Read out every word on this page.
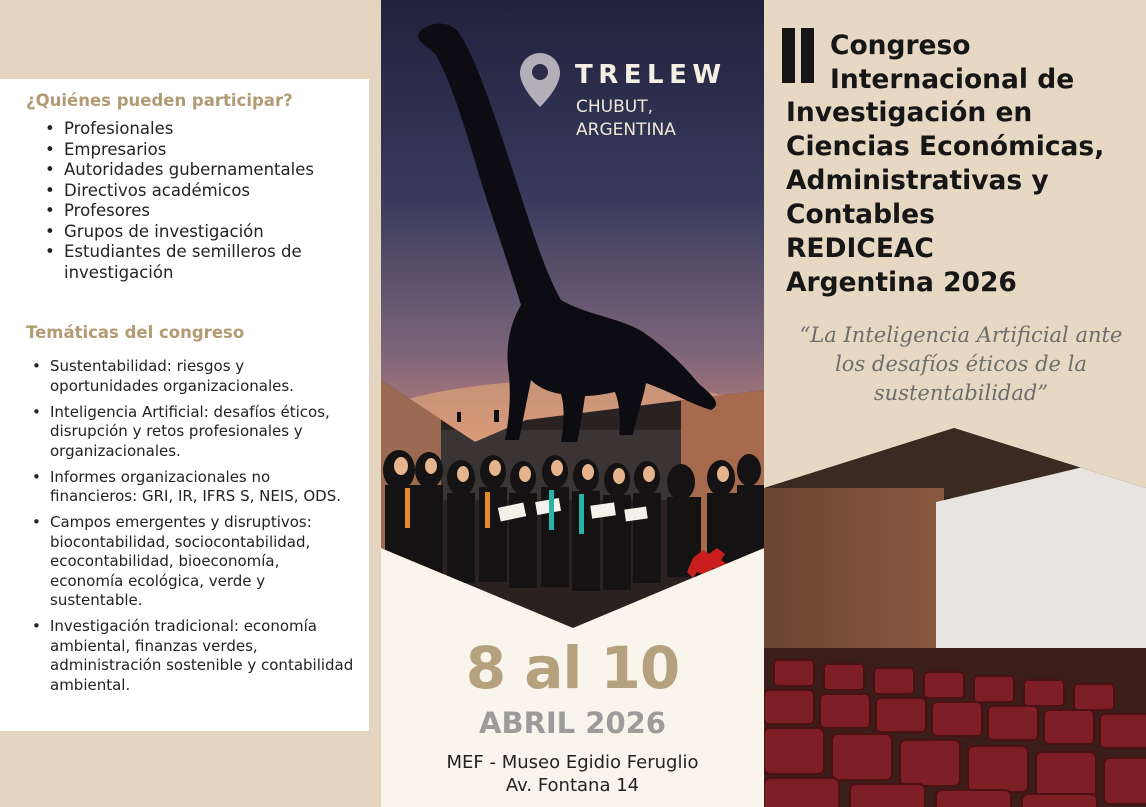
¿Quiénes pueden participar?
• Profesionales
• Empresarios
• Autoridades gubernamentales
• Directivos académicos
• Profesores
• Grupos de investigación
• Estudiantes de semilleros de investigación
Temáticas del congreso
• Sustentabilidad: riesgos y oportunidades organizacionales.
• Inteligencia Artificial: desafíos éticos, disrupción y retos profesionales y organizacionales.
• Informes organizacionales no financieros: GRI, IR, IFRS S, NEIS, ODS.
• Campos emergentes y disruptivos: biocontabilidad, sociocontabilidad, ecocontabilidad, bioeconomía, economía ecológica, verde y sustentable.
• Investigación tradicional: economía ambiental, finanzas verdes, administración sostenible y contabilidad ambiental.
TRELEW
CHUBUT,
ARGENTINA
8 al 10
ABRIL 2026
MEF - Museo Egidio Feruglio
Av. Fontana 14
Congreso
Internacional de
Investigación en
Ciencias Económicas,
Administrativas y
Contables
REDICEAC
Argentina 2026
“La Inteligencia Artificial ante
los desafíos éticos de la
sustentabilidad”
